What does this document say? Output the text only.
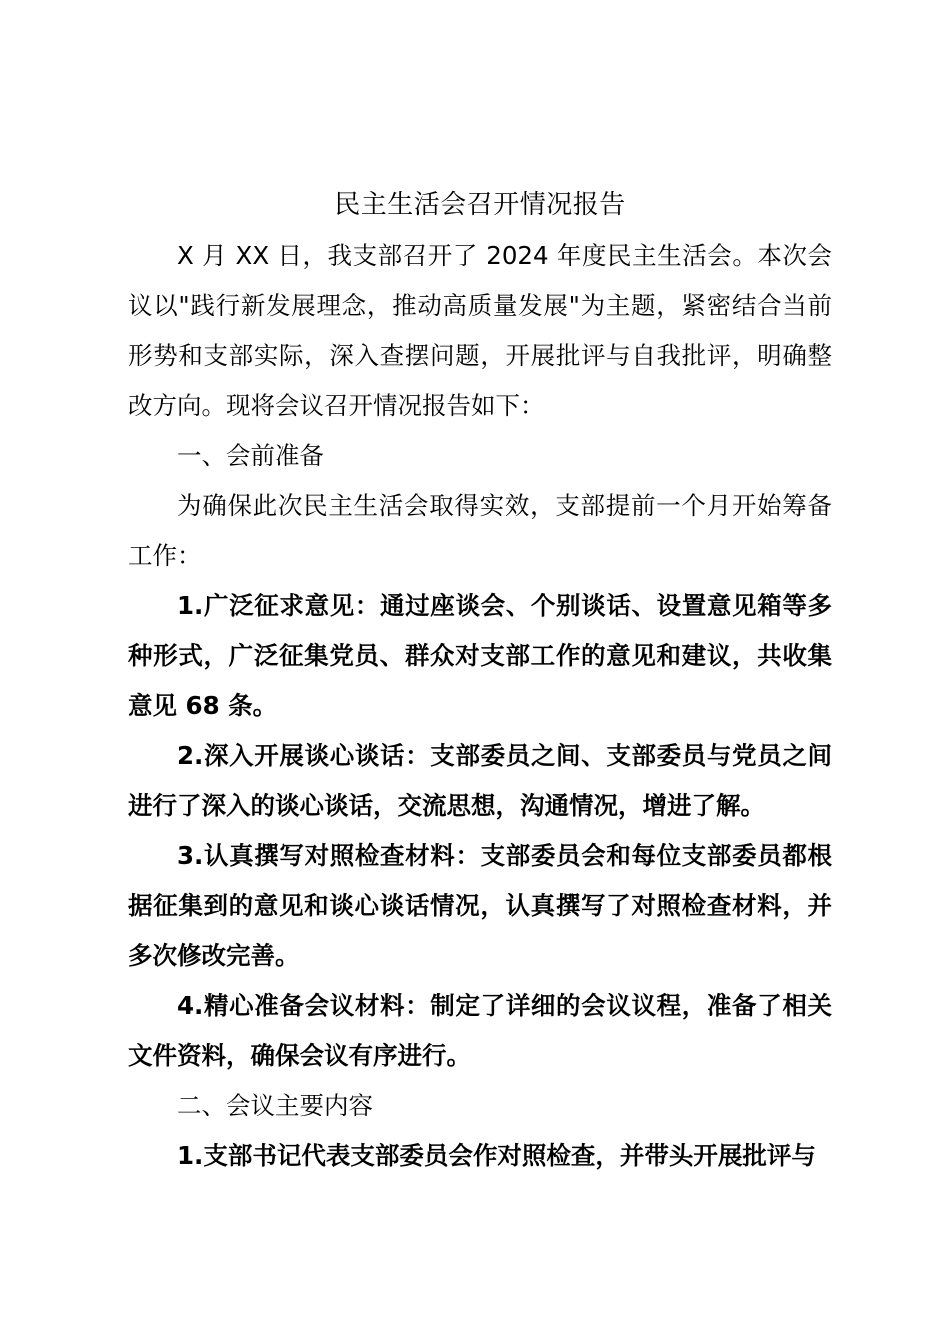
民主生活会召开情况报告

X 月 XX 日，我支部召开了 2024 年度民主生活会。本次会议以"践行新发展理念，推动高质量发展"为主题，紧密结合当前形势和支部实际，深入查摆问题，开展批评与自我批评，明确整改方向。现将会议召开情况报告如下：

一、会前准备

为确保此次民主生活会取得实效，支部提前一个月开始筹备工作：

1.广泛征求意见：通过座谈会、个别谈话、设置意见箱等多种形式，广泛征集党员、群众对支部工作的意见和建议，共收集意见 68 条。

2.深入开展谈心谈话：支部委员之间、支部委员与党员之间进行了深入的谈心谈话，交流思想，沟通情况，增进了解。

3.认真撰写对照检查材料：支部委员会和每位支部委员都根据征集到的意见和谈心谈话情况，认真撰写了对照检查材料，并多次修改完善。

4.精心准备会议材料：制定了详细的会议议程，准备了相关文件资料，确保会议有序进行。

二、会议主要内容

1.支部书记代表支部委员会作对照检查，并带头开展批评与
